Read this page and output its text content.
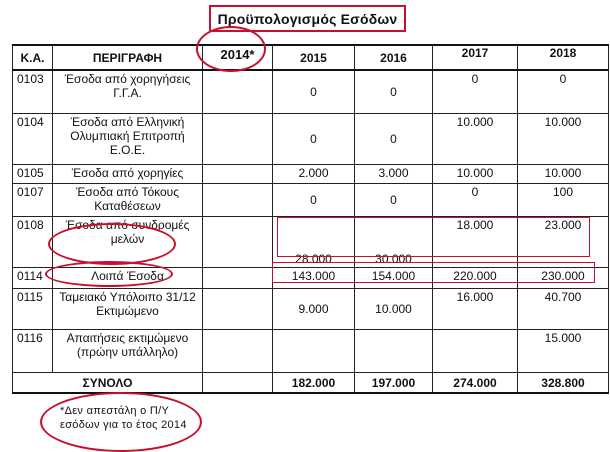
Προϋπολογισμός Εσόδων
Κ.Α.	ΠΕΡΙΓΡΑΦΗ	2014*	2015	2016	2017	2018
0103	Έσοδα από χορηγήσεις Γ.Γ.Α.		0	0	0	0
0104	Έσοδα από Ελληνική Ολυμπιακή Επιτροπή Ε.Ο.Ε.		0	0	10.000	10.000
0105	Έσοδα από χορηγίες		2.000	3.000	10.000	10.000
0107	Έσοδα από Τόκους Καταθέσεων		0	0	0	100
0108	Έσοδα από συνδρομές μελών		28.000	30.000	18.000	23.000
0114	Λοιπά Έσοδα		143.000	154.000	220.000	230.000
0115	Ταμειακό Υπόλοιπο 31/12 Εκτιμώμενο		9.000	10.000	16.000	40.700
0116	Απαιτήσεις εκτιμώμενο (πρώην υπάλληλο)					15.000
ΣΥΝΟΛΟ			182.000	197.000	274.000	328.800
*Δεν απεστάλη ο Π/Υ εσόδων για το έτος 2014
